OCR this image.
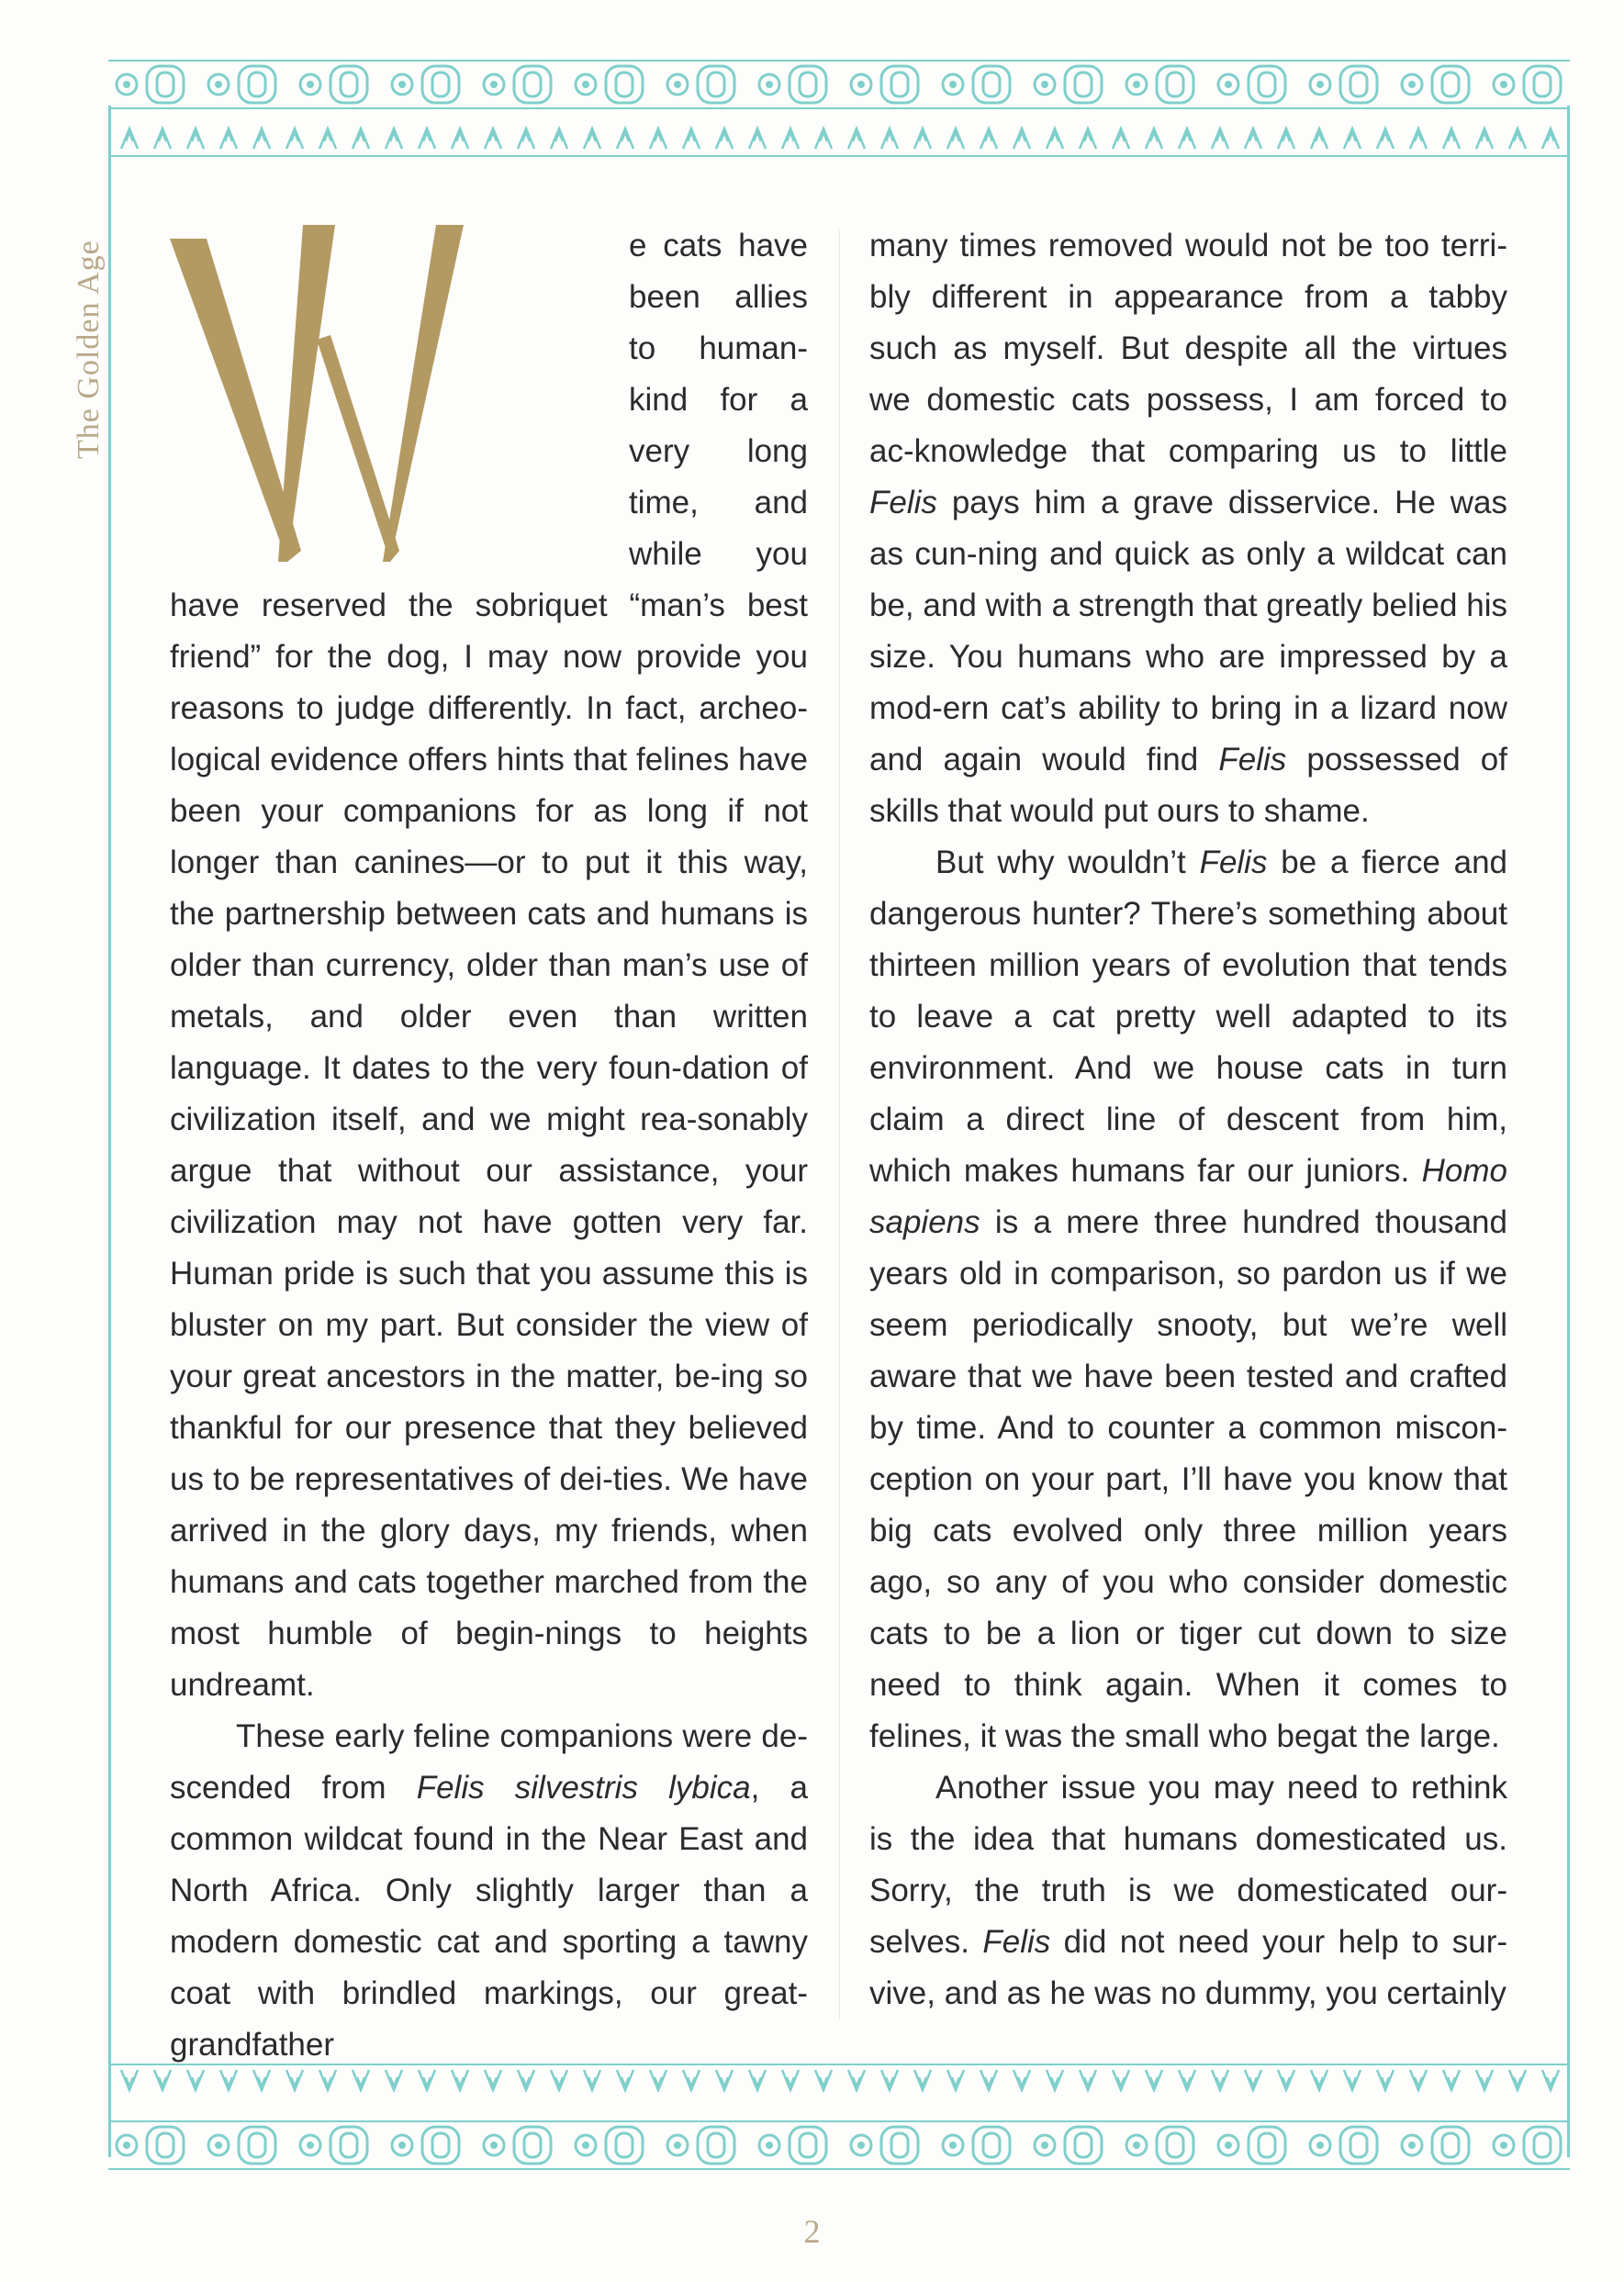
The Golden Age	e cats have been allies to human-kind for a very long time, and while you have reserved the sobriquet “man’s best friend” for the dog, I may now provide you reasons to judge differently. In fact, archeo-logical evidence offers hints that felines have been your companions for as long if not longer than canines—or to put it this way, the partnership between cats and humans is older than currency, older than man’s use of metals, and older even than written language. It dates to the very foun-dation of civilization itself, and we might rea-sonably argue that without our assistance, your civilization may not have gotten very far. Human pride is such that you assume this is bluster on my part. But consider the view of your great ancestors in the matter, be-ing so thankful for our presence that they believed us to be representatives of dei-ties. We have arrived in the glory days, my friends, when humans and cats together marched from the most humble of begin-nings to heights undreamt.

These early feline companions were de-scended from Felis silvestris lybica, a common wildcat found in the Near East and North Africa. Only slightly larger than a modern domestic cat and sporting a tawny coat with brindled markings, our great-grandfather

many times removed would not be too terri-bly different in appearance from a tabby such as myself. But despite all the virtues we domestic cats possess, I am forced to ac-knowledge that comparing us to little Felis pays him a grave disservice. He was as cun-ning and quick as only a wildcat can be, and with a strength that greatly belied his size. You humans who are impressed by a mod-ern cat’s ability to bring in a lizard now and again would find Felis possessed of skills that would put ours to shame.

But why wouldn’t Felis be a fierce and dangerous hunter? There’s something about thirteen million years of evolution that tends to leave a cat pretty well adapted to its environment. And we house cats in turn claim a direct line of descent from him, which makes humans far our juniors. Homo sapiens is a mere three hundred thousand years old in comparison, so pardon us if we seem periodically snooty, but we’re well aware that we have been tested and crafted by time. And to counter a common miscon-ception on your part, I’ll have you know that big cats evolved only three million years ago, so any of you who consider domestic cats to be a lion or tiger cut down to size need to think again. When it comes to felines, it was the small who begat the large.

Another issue you may need to rethink is the idea that humans domesticated us. Sorry, the truth is we domesticated our-selves. Felis did not need your help to sur-vive, and as he was no dummy, you certainly

2
